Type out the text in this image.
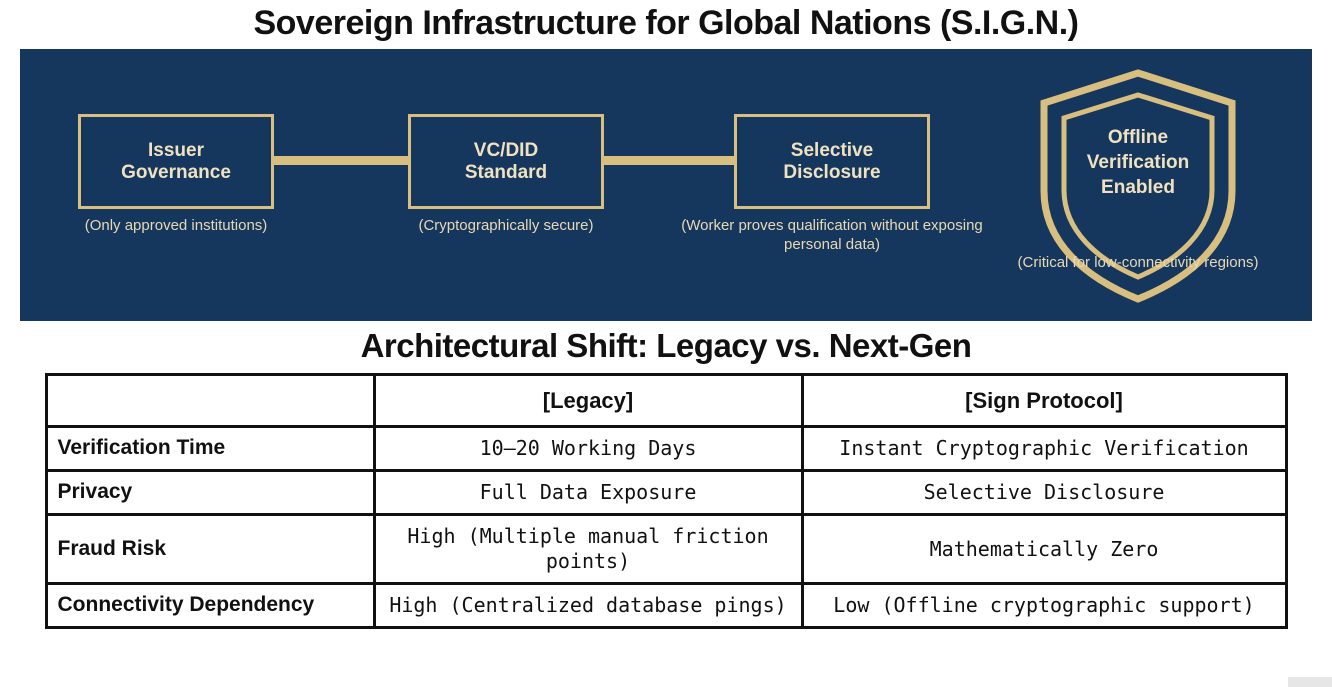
Sovereign Infrastructure for Global Nations (S.I.G.N.)
Issuer
Governance
VC/DID
Standard
Selective
Disclosure
(Only approved institutions)	(Cryptographically secure)	(Worker proves qualification without exposing personal data)
Offline
Verification
Enabled
(Critical for low-connectivity regions)
Architectural Shift: Legacy vs. Next-Gen
	[Legacy]	[Sign Protocol]
Verification Time	10–20 Working Days	Instant Cryptographic Verification
Privacy	Full Data Exposure	Selective Disclosure
Fraud Risk	High (Multiple manual friction points)	Mathematically Zero
Connectivity Dependency	High (Centralized database pings)	Low (Offline cryptographic support)
